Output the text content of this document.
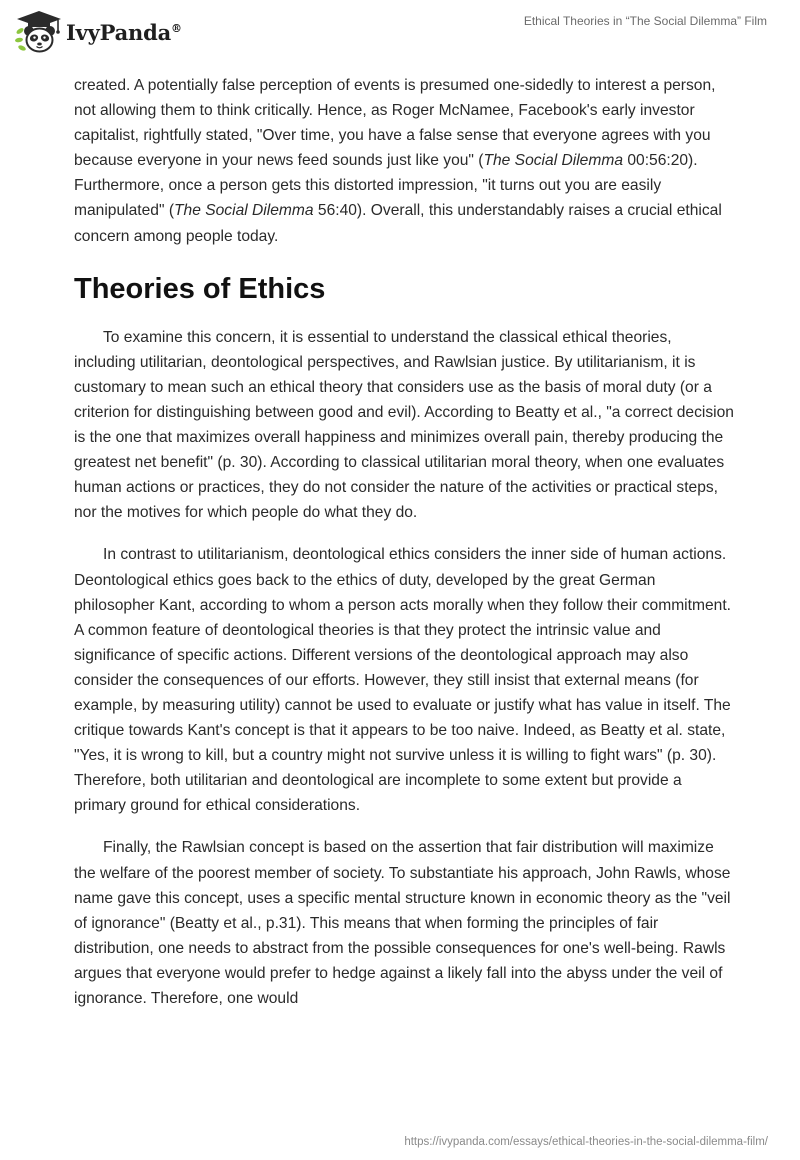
IvyPanda®	Ethical Theories in “The Social Dilemma” Film

created. A potentially false perception of events is presumed one-sidedly to interest a person, not allowing them to think critically. Hence, as Roger McNamee, Facebook's early investor capitalist, rightfully stated, "Over time, you have a false sense that everyone agrees with you because everyone in your news feed sounds just like you" (The Social Dilemma 00:56:20). Furthermore, once a person gets this distorted impression, "it turns out you are easily manipulated" (The Social Dilemma 56:40). Overall, this understandably raises a crucial ethical concern among people today.

Theories of Ethics

To examine this concern, it is essential to understand the classical ethical theories, including utilitarian, deontological perspectives, and Rawlsian justice. By utilitarianism, it is customary to mean such an ethical theory that considers use as the basis of moral duty (or a criterion for distinguishing between good and evil). According to Beatty et al., "a correct decision is the one that maximizes overall happiness and minimizes overall pain, thereby producing the greatest net benefit" (p. 30). According to classical utilitarian moral theory, when one evaluates human actions or practices, they do not consider the nature of the activities or practical steps, nor the motives for which people do what they do.

In contrast to utilitarianism, deontological ethics considers the inner side of human actions. Deontological ethics goes back to the ethics of duty, developed by the great German philosopher Kant, according to whom a person acts morally when they follow their commitment. A common feature of deontological theories is that they protect the intrinsic value and significance of specific actions. Different versions of the deontological approach may also consider the consequences of our efforts. However, they still insist that external means (for example, by measuring utility) cannot be used to evaluate or justify what has value in itself. The critique towards Kant's concept is that it appears to be too naive. Indeed, as Beatty et al. state, "Yes, it is wrong to kill, but a country might not survive unless it is willing to fight wars" (p. 30). Therefore, both utilitarian and deontological are incomplete to some extent but provide a primary ground for ethical considerations.

Finally, the Rawlsian concept is based on the assertion that fair distribution will maximize the welfare of the poorest member of society. To substantiate his approach, John Rawls, whose name gave this concept, uses a specific mental structure known in economic theory as the "veil of ignorance" (Beatty et al., p.31). This means that when forming the principles of fair distribution, one needs to abstract from the possible consequences for one's well-being. Rawls argues that everyone would prefer to hedge against a likely fall into the abyss under the veil of ignorance. Therefore, one would

https://ivypanda.com/essays/ethical-theories-in-the-social-dilemma-film/
